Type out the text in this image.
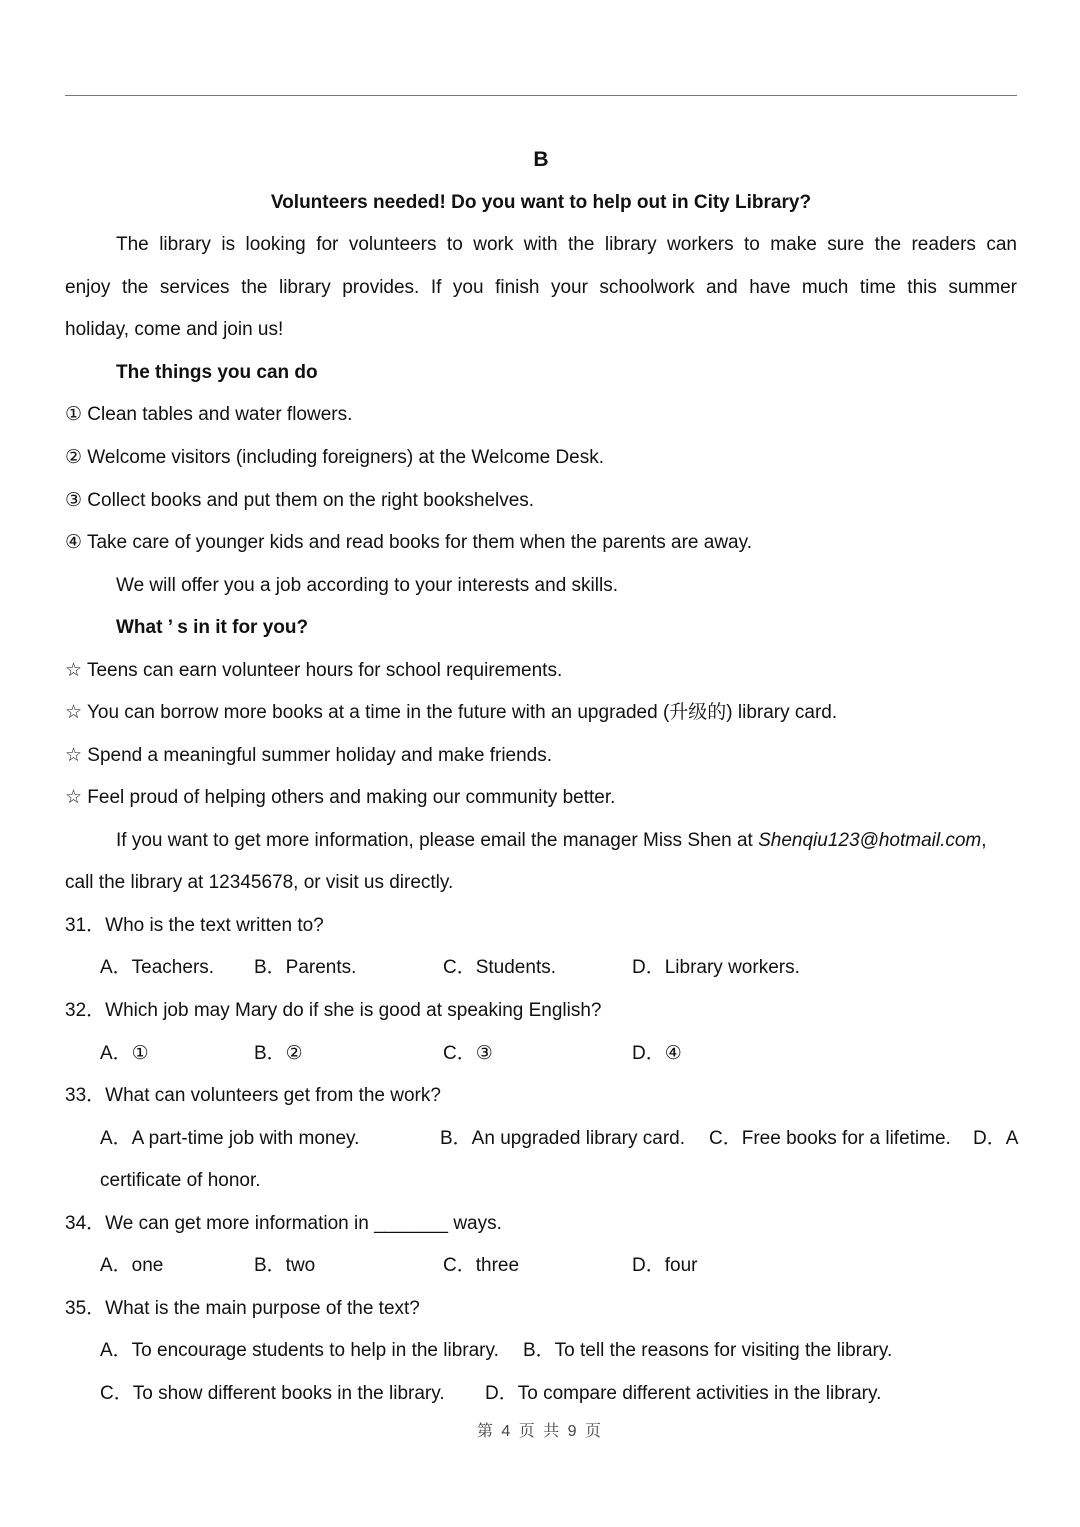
B
Volunteers needed! Do you want to help out in City Library?
The library is looking for volunteers to work with the library workers to make sure the readers can
enjoy the services the library provides. If you finish your schoolwork and have much time this summer
holiday, come and join us!
The things you can do
① Clean tables and water flowers.
② Welcome visitors (including foreigners) at the Welcome Desk.
③ Collect books and put them on the right bookshelves.
④ Take care of younger kids and read books for them when the parents are away.
We will offer you a job according to your interests and skills.
What ’ s in it for you?
☆ Teens can earn volunteer hours for school requirements.
☆ You can borrow more books at a time in the future with an upgraded (升级的) library card.
☆ Spend a meaningful summer holiday and make friends.
☆ Feel proud of helping others and making our community better.
If you want to get more information, please email the manager Miss Shen at Shenqiu123@hotmail.com,
call the library at 12345678, or visit us directly.
31．Who is the text written to?
A．Teachers. B．Parents.	C．Students.	D．Library workers.
32．Which job may Mary do if she is good at speaking English?
A．①	B．②	C．③	D．④
33．What can volunteers get from the work?
A．A part-time job with money.	B．An upgraded library card. C．Free books for a lifetime. D．A
certificate of honor.
34．We can get more information in _______ ways.
A．one	B．two	C．three	D．four
35．What is the main purpose of the text?
A．To encourage students to help in the library. B．To tell the reasons for visiting the library.
C．To show different books in the library. D．To compare different activities in the library.
第 4 页 共 9 页
